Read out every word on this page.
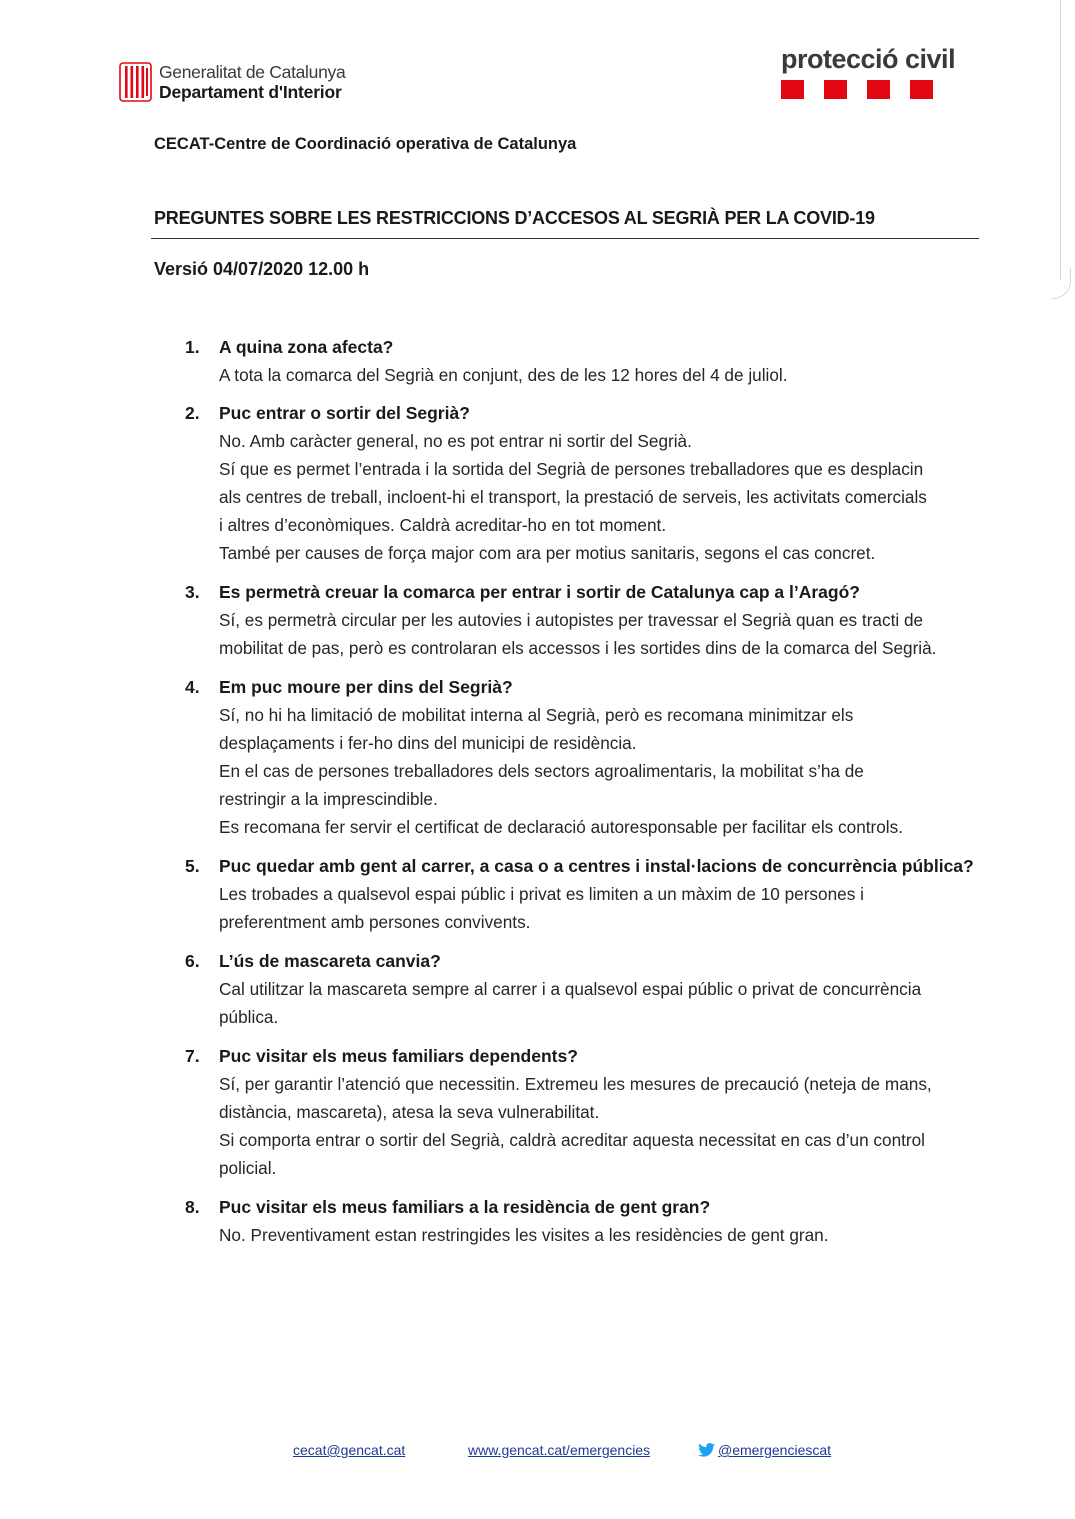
Generalitat de Catalunya
Departament d'Interior
protecció civil
CECAT-Centre de Coordinació operativa de Catalunya
PREGUNTES SOBRE LES RESTRICCIONS D’ACCESOS AL SEGRIÀ PER LA COVID-19
Versió 04/07/2020 12.00 h
1. A quina zona afecta?
A tota la comarca del Segrià en conjunt, des de les 12 hores del 4 de juliol.
2. Puc entrar o sortir del Segrià?
No. Amb caràcter general, no es pot entrar ni sortir del Segrià.
Sí que es permet l’entrada i la sortida del Segrià de persones treballadores que es desplacin
als centres de treball, incloent-hi el transport, la prestació de serveis, les activitats comercials
i altres d’econòmiques. Caldrà acreditar-ho en tot moment.
També per causes de força major com ara per motius sanitaris, segons el cas concret.
3. Es permetrà creuar la comarca per entrar i sortir de Catalunya cap a l’Aragó?
Sí, es permetrà circular per les autovies i autopistes per travessar el Segrià quan es tracti de
mobilitat de pas, però es controlaran els accessos i les sortides dins de la comarca del Segrià.
4. Em puc moure per dins del Segrià?
Sí, no hi ha limitació de mobilitat interna al Segrià, però es recomana minimitzar els
desplaçaments i fer-ho dins del municipi de residència.
En el cas de persones treballadores dels sectors agroalimentaris, la mobilitat s’ha de
restringir a la imprescindible.
Es recomana fer servir el certificat de declaració autoresponsable per facilitar els controls.
5. Puc quedar amb gent al carrer, a casa o a centres i instal·lacions de concurrència pública?
Les trobades a qualsevol espai públic i privat es limiten a un màxim de 10 persones i
preferentment amb persones convivents.
6. L’ús de mascareta canvia?
Cal utilitzar la mascareta sempre al carrer i a qualsevol espai públic o privat de concurrència
pública.
7. Puc visitar els meus familiars dependents?
Sí, per garantir l’atenció que necessitin. Extremeu les mesures de precaució (neteja de mans,
distància, mascareta), atesa la seva vulnerabilitat.
Si comporta entrar o sortir del Segrià, caldrà acreditar aquesta necessitat en cas d’un control
policial.
8. Puc visitar els meus familiars a la residència de gent gran?
No. Preventivament estan restringides les visites a les residències de gent gran.
cecat@gencat.cat	www.gencat.cat/emergencies	@emergenciescat
